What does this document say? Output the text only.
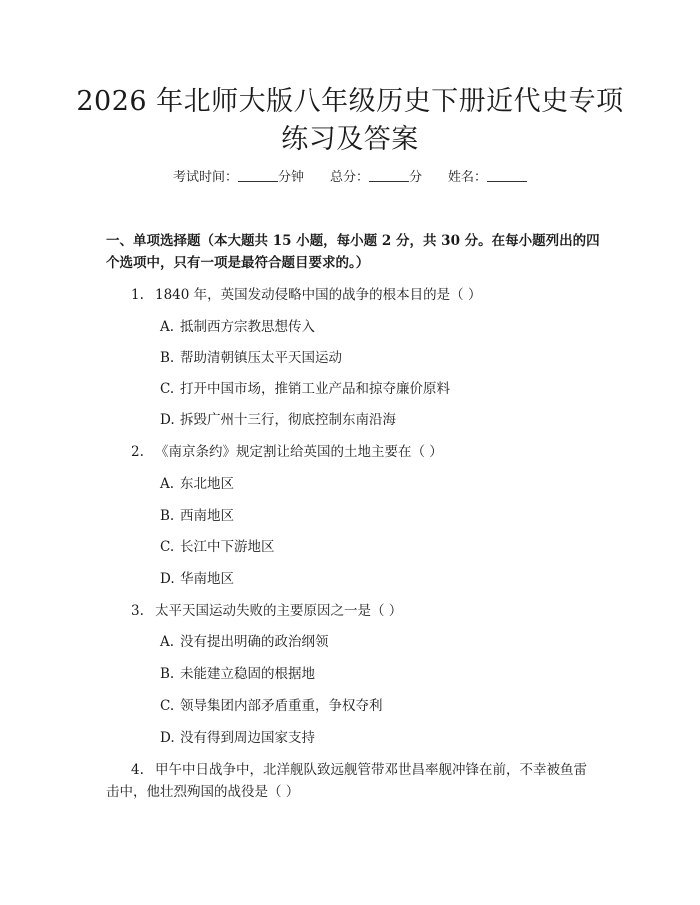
2026 年北师大版八年级历史下册近代史专项
练习及答案
考试时间：	分钟 总分：	分 姓名：
一、单项选择题（本大题共 15 小题，每小题 2 分，共 30 分。在每小题列出的四个选项中，只有一项是最符合题目要求的。）
1. 1840 年，英国发动侵略中国的战争的根本目的是（ ）
A. 抵制西方宗教思想传入
B. 帮助清朝镇压太平天国运动
C. 打开中国市场，推销工业产品和掠夺廉价原料
D. 拆毁广州十三行，彻底控制东南沿海
2. 《南京条约》规定割让给英国的土地主要在（ ）
A. 东北地区
B. 西南地区
C. 长江中下游地区
D. 华南地区
3. 太平天国运动失败的主要原因之一是（ ）
A. 没有提出明确的政治纲领
B. 未能建立稳固的根据地
C. 领导集团内部矛盾重重，争权夺利
D. 没有得到周边国家支持
4. 甲午中日战争中，北洋舰队致远舰管带邓世昌率舰冲锋在前，不幸被鱼雷
击中，他壮烈殉国的战役是（ ）
